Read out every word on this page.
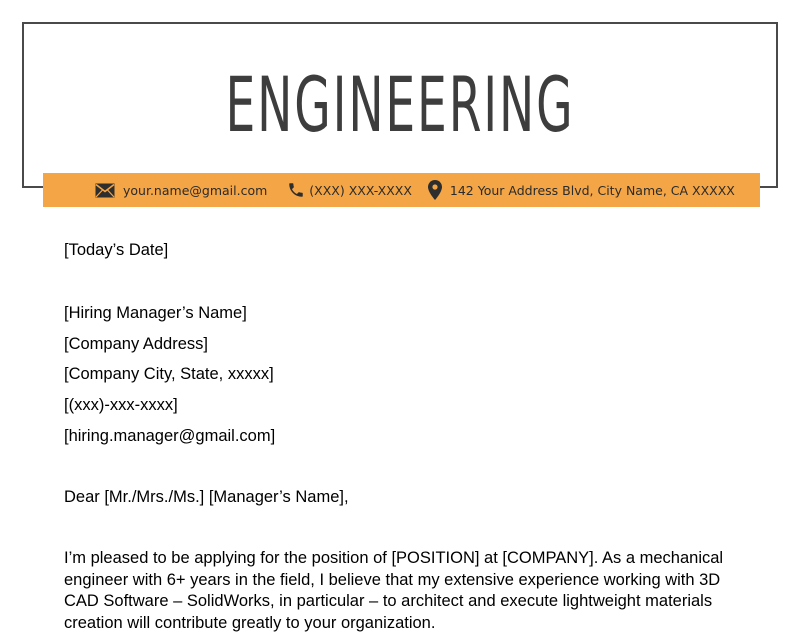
ENGINEERING
your.name@gmail.com	(XXX) XXX-XXXX	142 Your Address Blvd, City Name, CA XXXXX
[Today’s Date]
[Hiring Manager’s Name]
[Company Address]
[Company City, State, xxxxx]
[(xxx)-xxx-xxxx]
[hiring.manager@gmail.com]
Dear [Mr./Mrs./Ms.] [Manager’s Name],
I’m pleased to be applying for the position of [POSITION] at [COMPANY]. As a mechanical engineer with 6+ years in the field, I believe that my extensive experience working with 3D CAD Software – SolidWorks, in particular – to architect and execute lightweight materials creation will contribute greatly to your organization.
